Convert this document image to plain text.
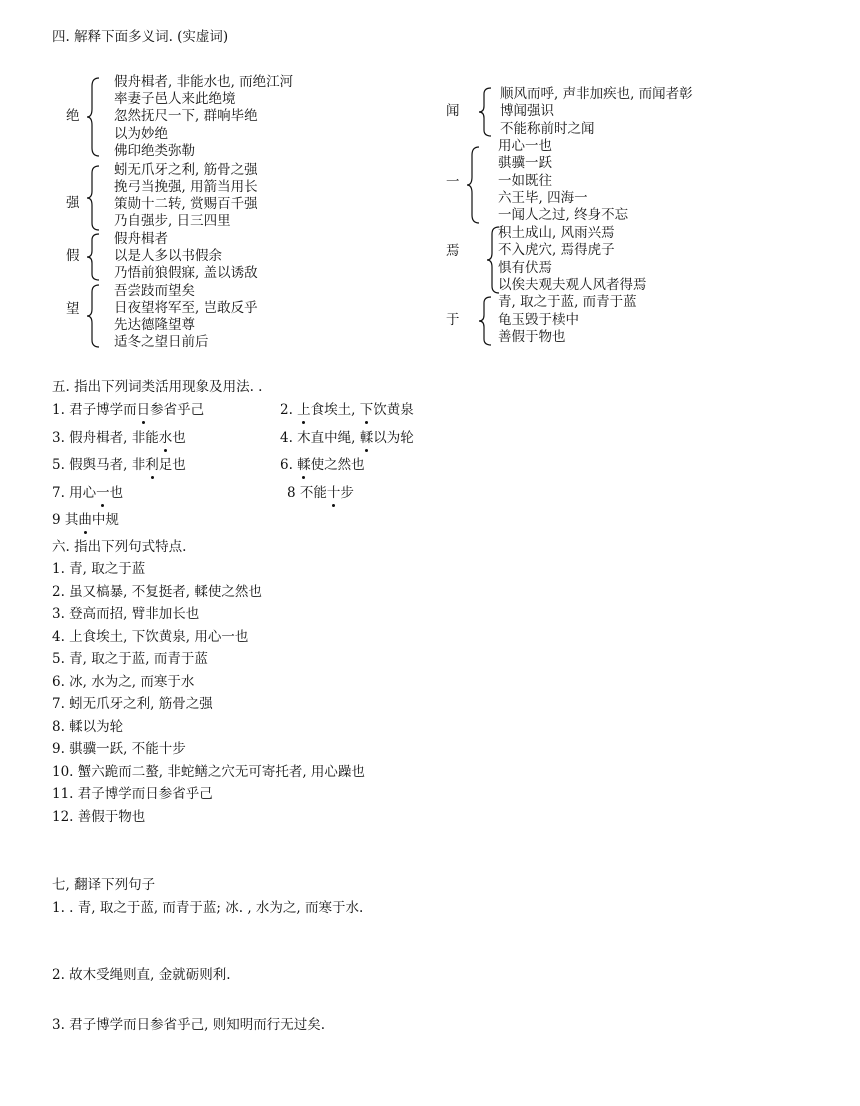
四. 解释下面多义词. (实虚词)
绝
假舟楫者, 非能水也, 而绝江河
率妻子邑人来此绝境
忽然抚尺一下, 群响毕绝
以为妙绝
佛印绝类弥勒
强
蚓无爪牙之利, 筋骨之强
挽弓当挽强, 用箭当用长
策勋十二转, 赏赐百千强
乃自强步, 日三四里
假
假舟楫者
以是人多以书假余
乃悟前狼假寐, 盖以诱敌
望
吾尝跂而望矣
日夜望将军至, 岂敢反乎
先达德隆望尊
适冬之望日前后
闻
顺风而呼, 声非加疾也, 而闻者彰
博闻强识
不能称前时之闻
一
用心一也
骐骥一跃
一如既往
六王毕, 四海一
一闻人之过, 终身不忘
焉
积土成山, 风雨兴焉
不入虎穴, 焉得虎子
惧有伏焉
以俟夫观夫观人风者得焉
于
青, 取之于蓝, 而青于蓝
龟玉毁于椟中
善假于物也
五. 指出下列词类活用现象及用法. .
1. 君子博学而日参省乎己	2. 上食埃土, 下饮黄泉
3. 假舟楫者, 非能水也	4. 木直中绳, 輮以为轮
5. 假舆马者, 非利足也	6. 輮使之然也
7. 用心一也	8 不能十步
9 其曲中规
六. 指出下列句式特点.
1. 青, 取之于蓝
2. 虽又槁暴, 不复挺者, 輮使之然也
3. 登高而招, 臂非加长也
4. 上食埃土, 下饮黄泉, 用心一也
5. 青, 取之于蓝, 而青于蓝
6. 冰, 水为之, 而寒于水
7. 蚓无爪牙之利, 筋骨之强
8. 輮以为轮
9. 骐骥一跃, 不能十步
10. 蟹六跪而二螯, 非蛇鳝之穴无可寄托者, 用心躁也
11. 君子博学而日参省乎己
12. 善假于物也
七, 翻译下列句子
1. . 青, 取之于蓝, 而青于蓝; 冰. , 水为之, 而寒于水.
2. 故木受绳则直, 金就砺则利.
3. 君子博学而日参省乎己, 则知明而行无过矣.
